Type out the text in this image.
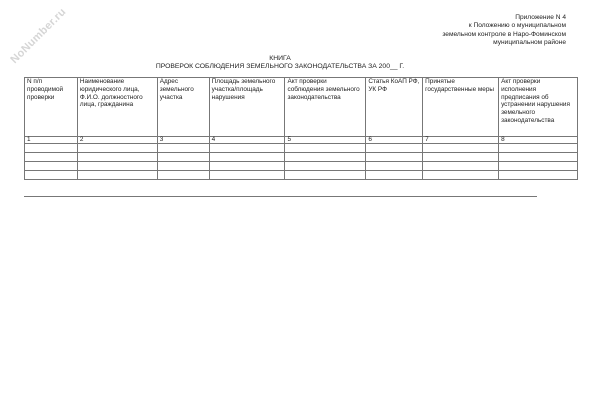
NoNumber.ru	Приложение N 4
к Положению о муниципальном
земельном контроле в Наро-Фоминском
муниципальном районе
КНИГА
ПРОВЕРОК СОБЛЮДЕНИЯ ЗЕМЕЛЬНОГО ЗАКОНОДАТЕЛЬСТВА ЗА 200__ Г.
N п/п проводимой проверки	Наименование юридического лица, Ф.И.О. должностного лица, гражданина	Адрес земельного участка	Площадь земельного участка/площадь нарушения	Акт проверки соблюдения земельного законодательства	Статья КоАП РФ, УК РФ	Принятые государственные меры	Акт проверки исполнения предписания об устранении нарушения земельного законодательства
1	2	3	4	5	6	7	8
